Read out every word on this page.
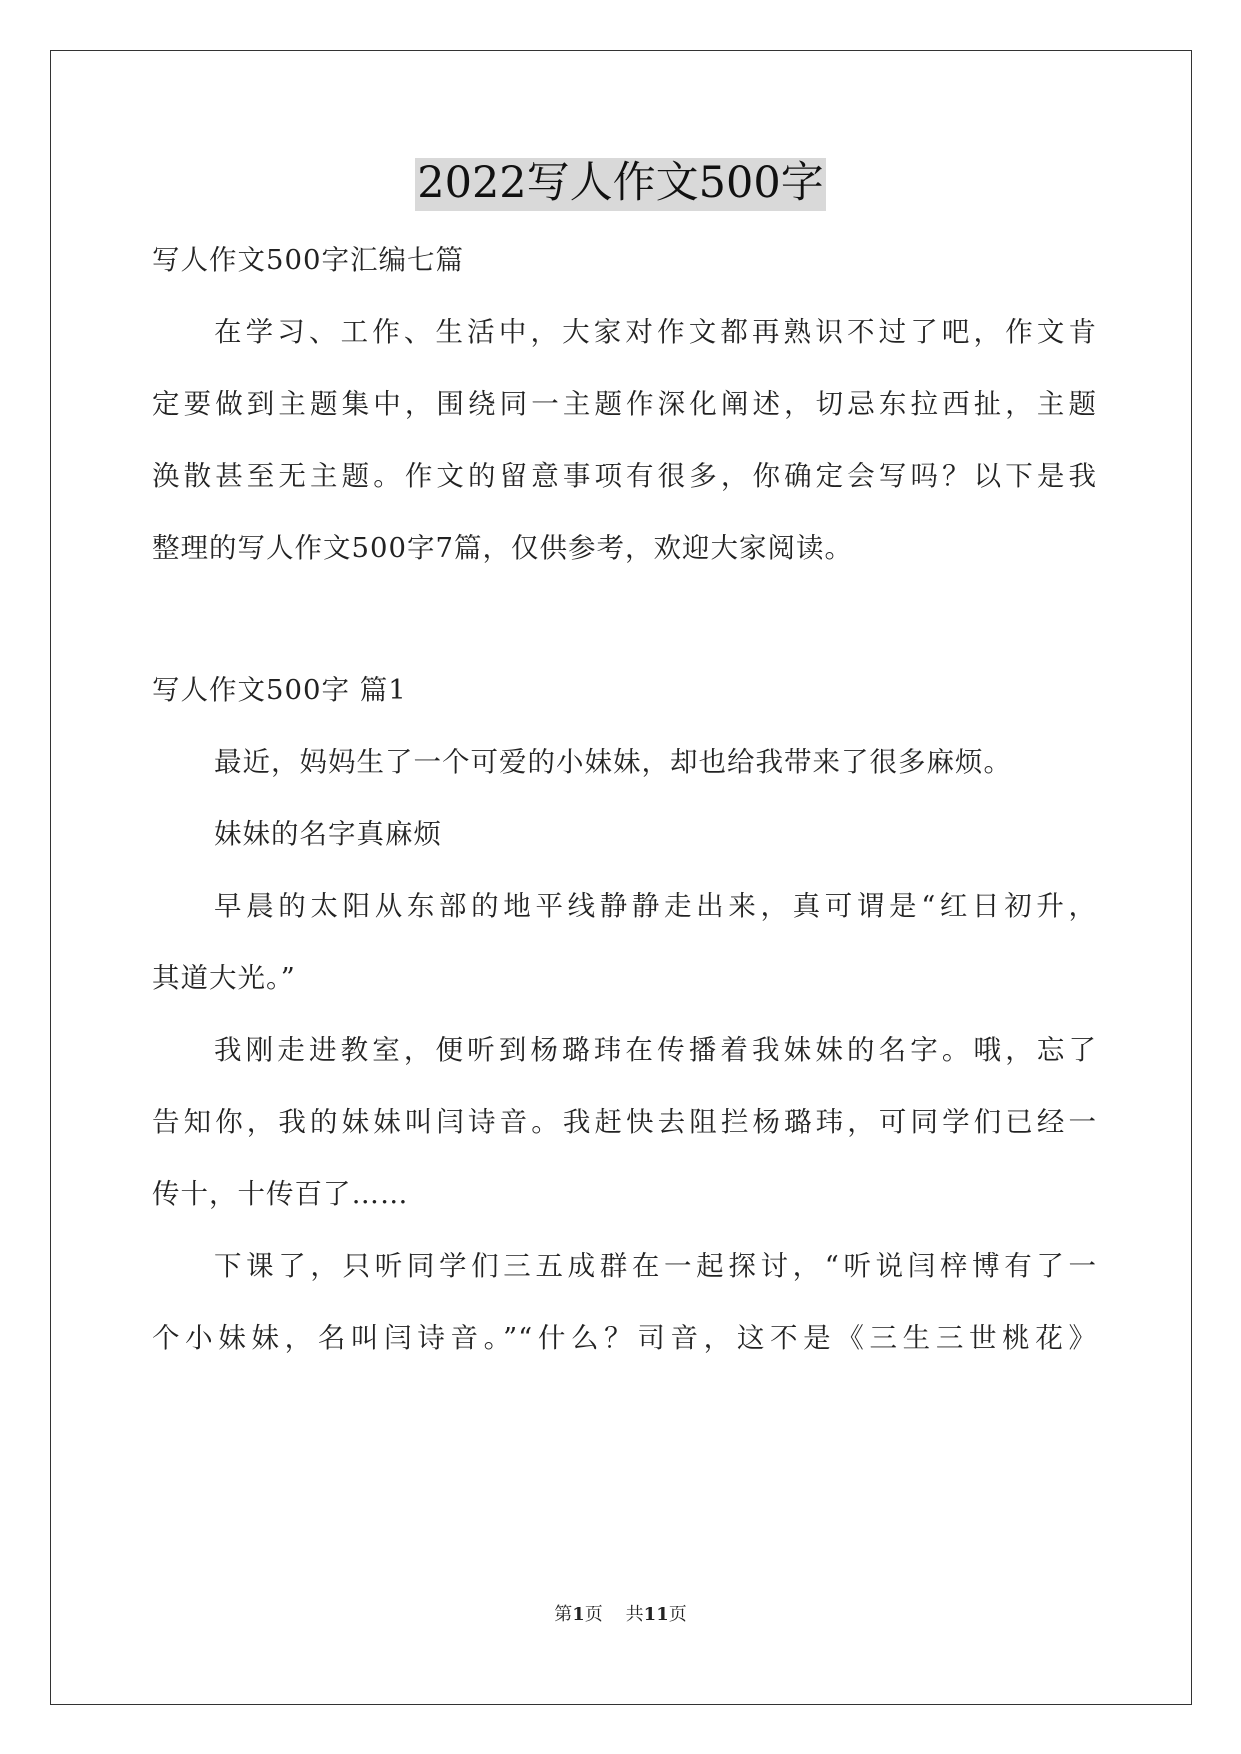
2022写人作文500字

写人作文500字汇编七篇

在学习、工作、生活中，大家对作文都再熟识不过了吧，作文肯

定要做到主题集中，围绕同一主题作深化阐述，切忌东拉西扯，主题

涣散甚至无主题。作文的留意事项有很多，你确定会写吗？以下是我

整理的写人作文500字7篇，仅供参考，欢迎大家阅读。

写人作文500字 篇1

最近，妈妈生了一个可爱的小妹妹，却也给我带来了很多麻烦。

妹妹的名字真麻烦

早晨的太阳从东部的地平线静静走出来，真可谓是“红日初升，

其道大光。”

我刚走进教室，便听到杨璐玮在传播着我妹妹的名字。哦，忘了

告知你，我的妹妹叫闫诗音。我赶快去阻拦杨璐玮，可同学们已经一

传十，十传百了……

下课了，只听同学们三五成群在一起探讨，“听说闫梓博有了一

个小妹妹，名叫闫诗音。”“什么？司音，这不是《三生三世桃花》

第1页    共11页
